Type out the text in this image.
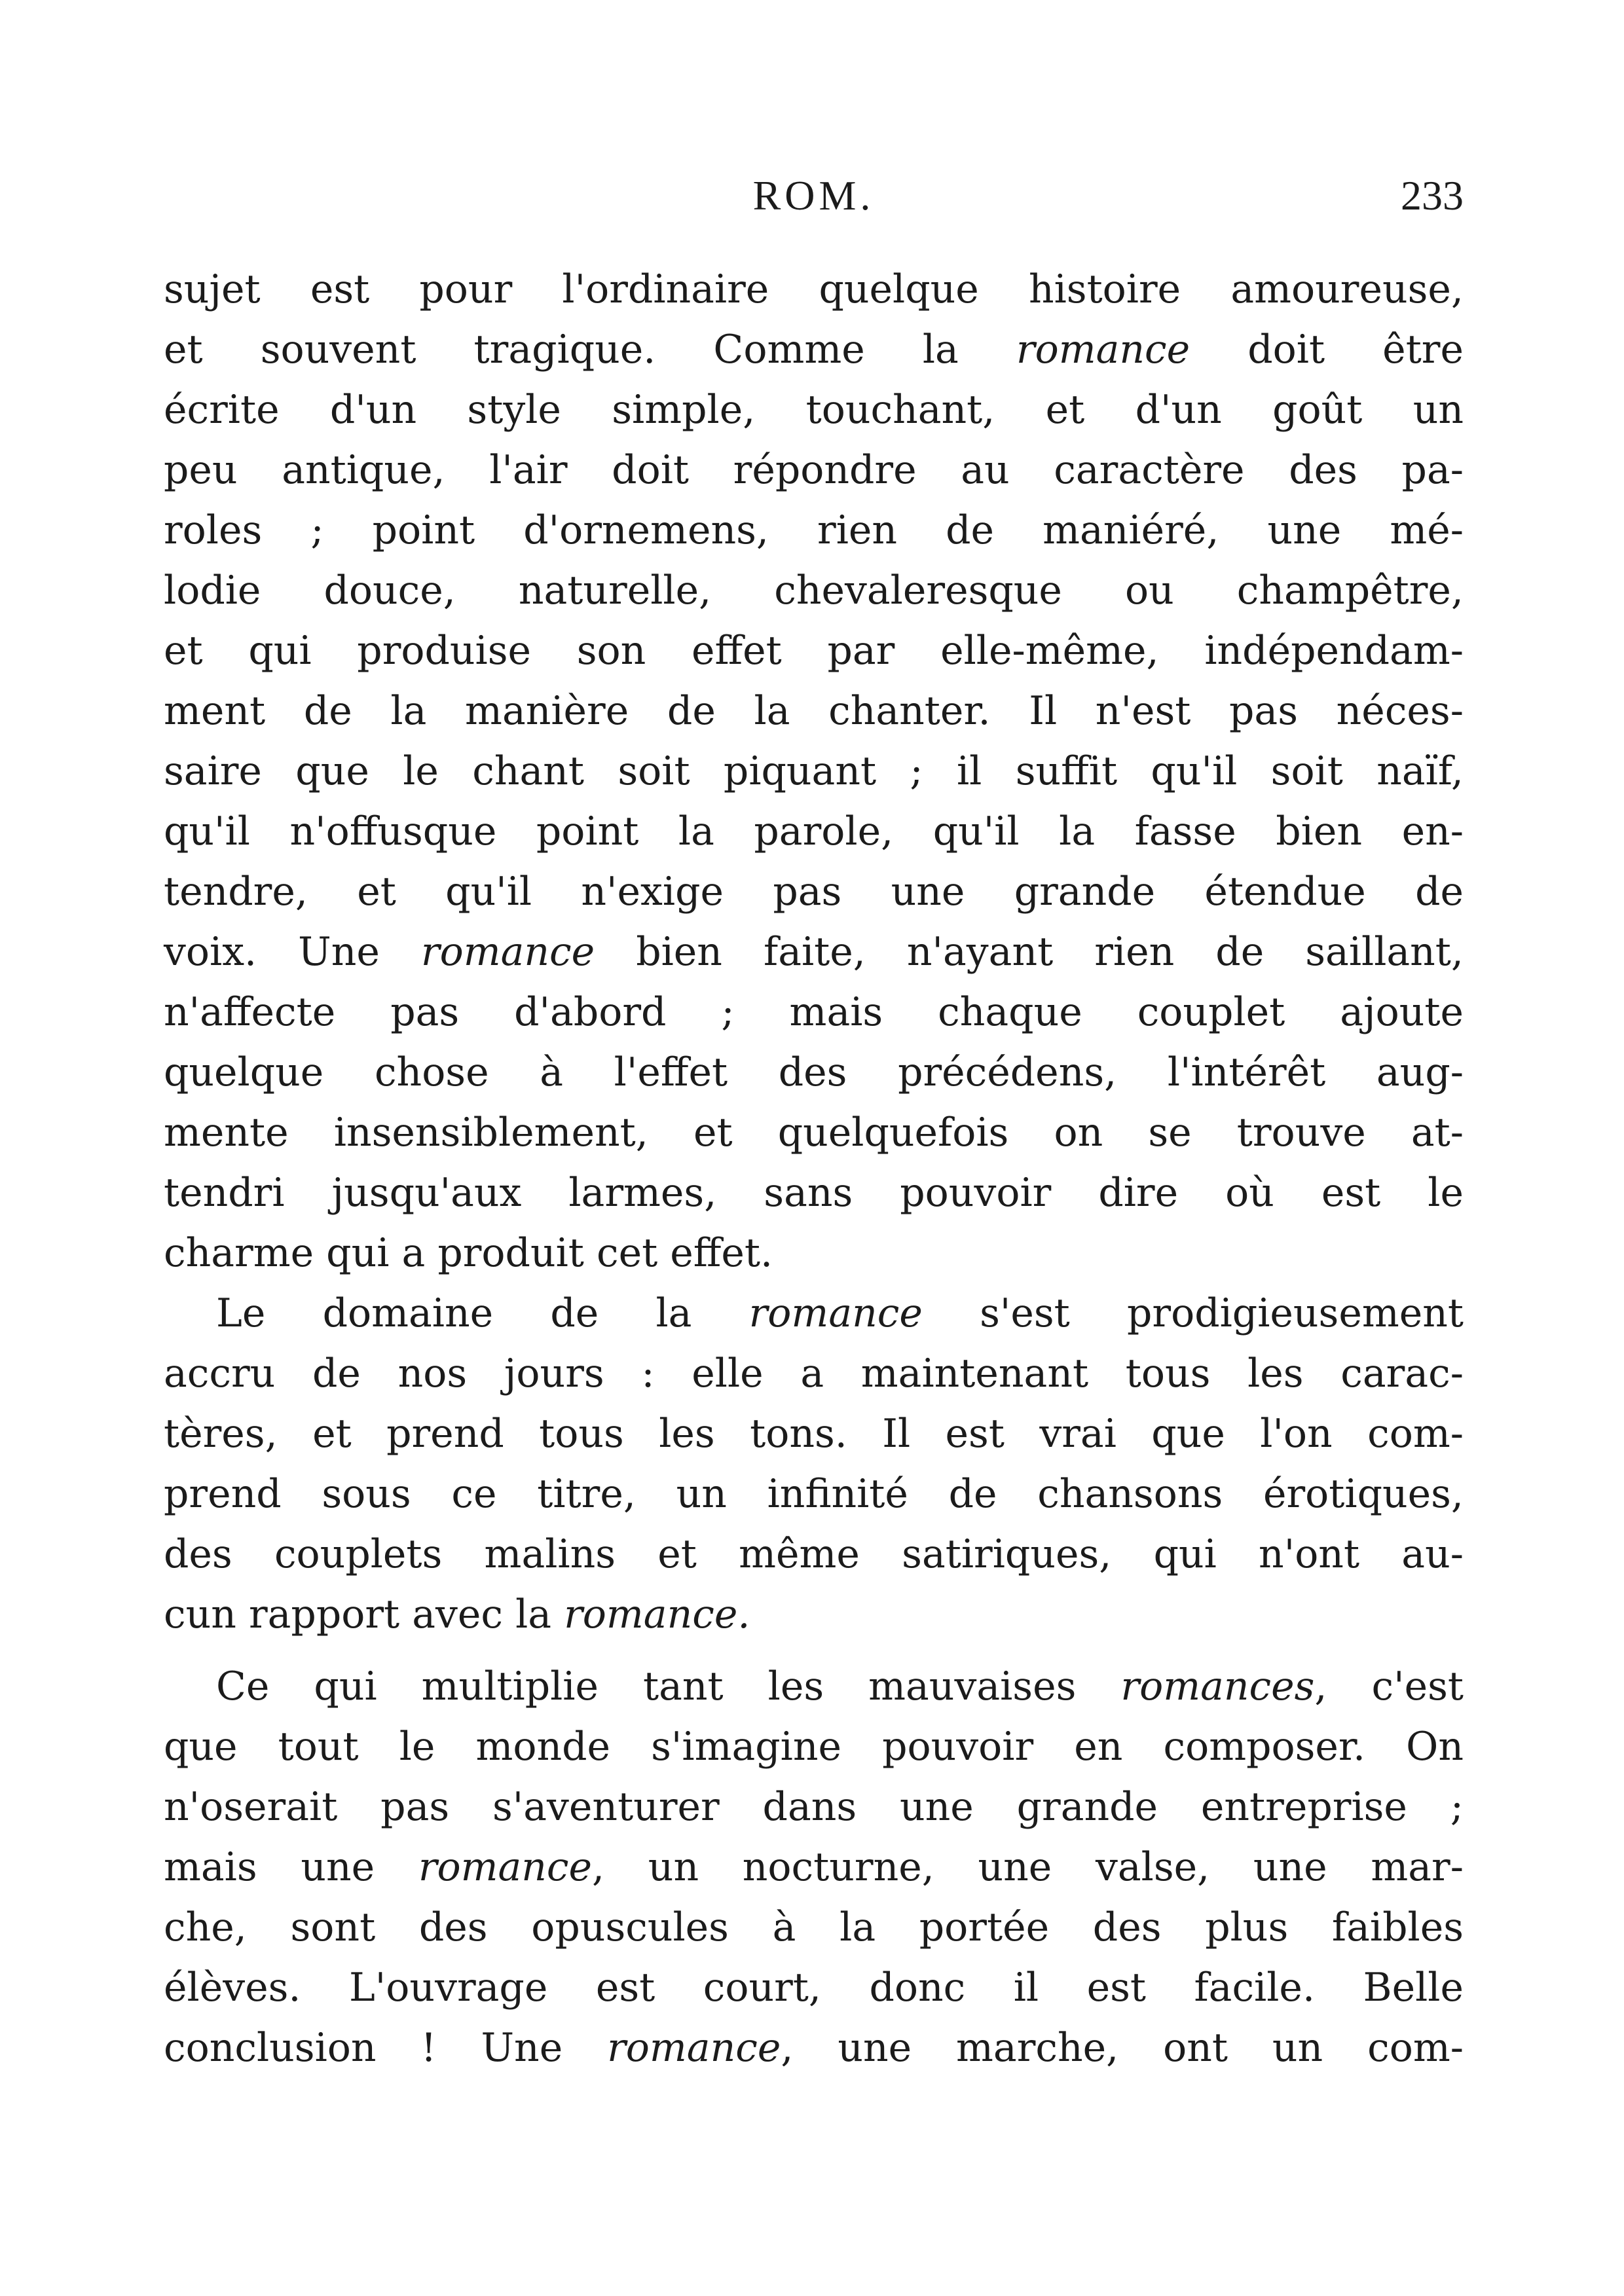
ROM.	233
sujet est pour l'ordinaire quelque histoire amoureuse,
et souvent tragique. Comme la romance doit être
écrite d'un style simple, touchant, et d'un goût un
peu antique, l'air doit répondre au caractère des pa-
roles ; point d'ornemens, rien de maniéré, une mé-
lodie douce, naturelle, chevaleresque ou champêtre,
et qui produise son effet par elle-même, indépendam-
ment de la manière de la chanter. Il n'est pas néces-
saire que le chant soit piquant ; il suffit qu'il soit naïf,
qu'il n'offusque point la parole, qu'il la fasse bien en-
tendre, et qu'il n'exige pas une grande étendue de
voix. Une romance bien faite, n'ayant rien de saillant,
n'affecte pas d'abord ; mais chaque couplet ajoute
quelque chose à l'effet des précédens, l'intérêt aug-
mente insensiblement, et quelquefois on se trouve at-
tendri jusqu'aux larmes, sans pouvoir dire où est le
charme qui a produit cet effet.
Le domaine de la romance s'est prodigieusement
accru de nos jours : elle a maintenant tous les carac-
tères, et prend tous les tons. Il est vrai que l'on com-
prend sous ce titre, un infinité de chansons érotiques,
des couplets malins et même satiriques, qui n'ont au-
cun rapport avec la romance.
Ce qui multiplie tant les mauvaises romances, c'est
que tout le monde s'imagine pouvoir en composer. On
n'oserait pas s'aventurer dans une grande entreprise ;
mais une romance, un nocturne, une valse, une mar-
che, sont des opuscules à la portée des plus faibles
élèves. L'ouvrage est court, donc il est facile. Belle
conclusion ! Une romance, une marche, ont un com-
